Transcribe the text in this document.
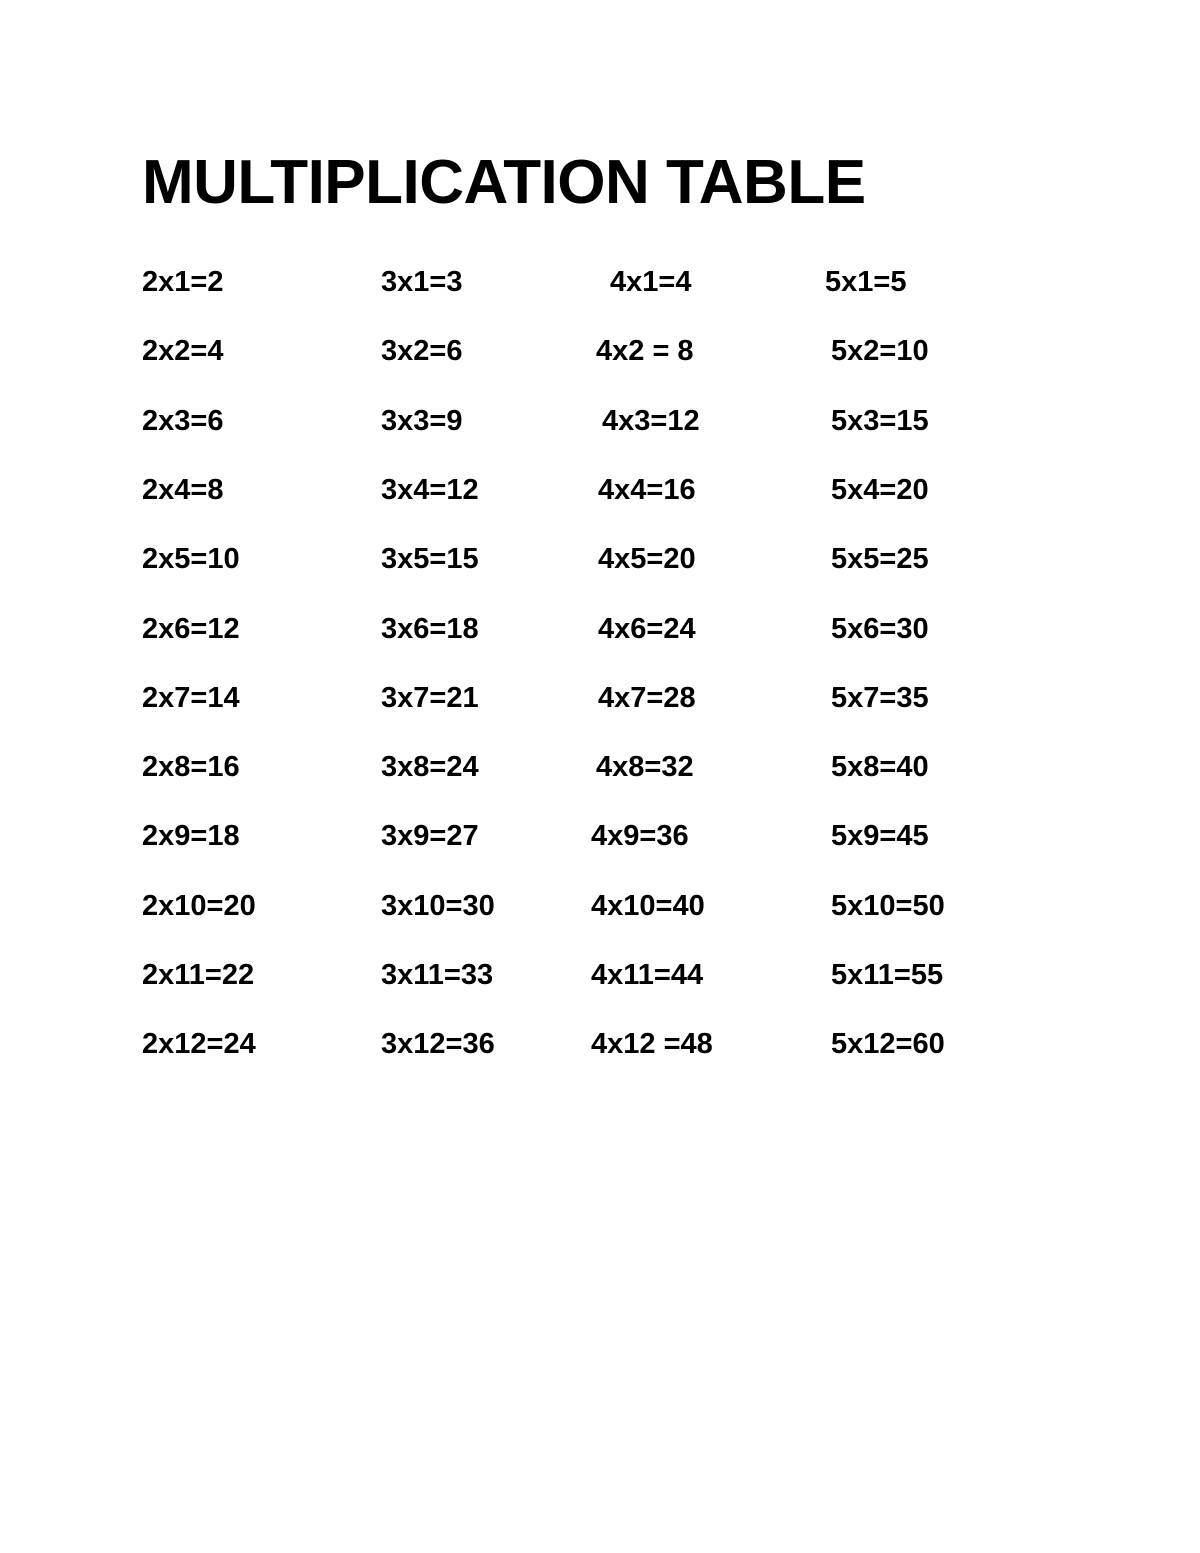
MULTIPLICATION TABLE
2x1=2
2x2=4
2x3=6
2x4=8
2x5=10
2x6=12
2x7=14
2x8=16
2x9=18
2x10=20
2x11=22
2x12=24
3x1=3
3x2=6
3x3=9
3x4=12
3x5=15
3x6=18
3x7=21
3x8=24
3x9=27
3x10=30
3x11=33
3x12=36
4x1=4
4x2 = 8
4x3=12
4x4=16
4x5=20
4x6=24
4x7=28
4x8=32
4x9=36
4x10=40
4x11=44
4x12 =48
5x1=5
5x2=10
5x3=15
5x4=20
5x5=25
5x6=30
5x7=35
5x8=40
5x9=45
5x10=50
5x11=55
5x12=60
